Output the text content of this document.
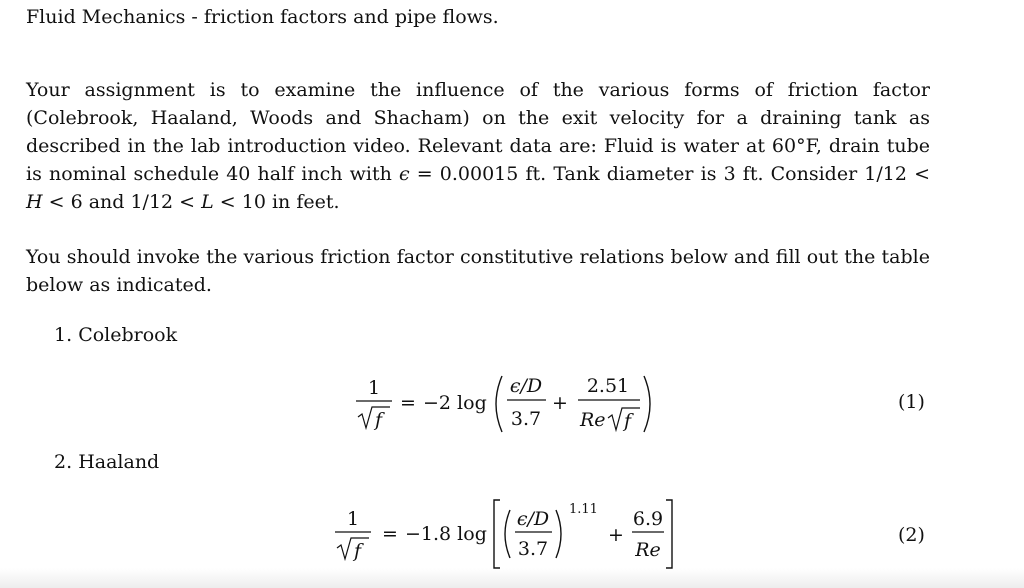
Fluid Mechanics - friction factors and pipe flows.
Your assignment is to examine the influence of the various forms of friction factor (Colebrook, Haaland, Woods and Shacham) on the exit velocity for a draining tank as described in the lab introduction video. Relevant data are: Fluid is water at 60°F, drain tube is nominal schedule 40 half inch with ϵ = 0.00015 ft. Tank diameter is 3 ft. Consider 1/12 < H < 6 and 1/12 < L < 10 in feet.
You should invoke the various friction factor constitutive relations below and fill out the table below as indicated.
1. Colebrook
1
f
= −2 log
ϵ/D
3.7
+
2.51
Re f
(1)
2. Haaland
1
f
= −1.8 log
ϵ/D
3.7
1.11
+
6.9
Re
(2)
